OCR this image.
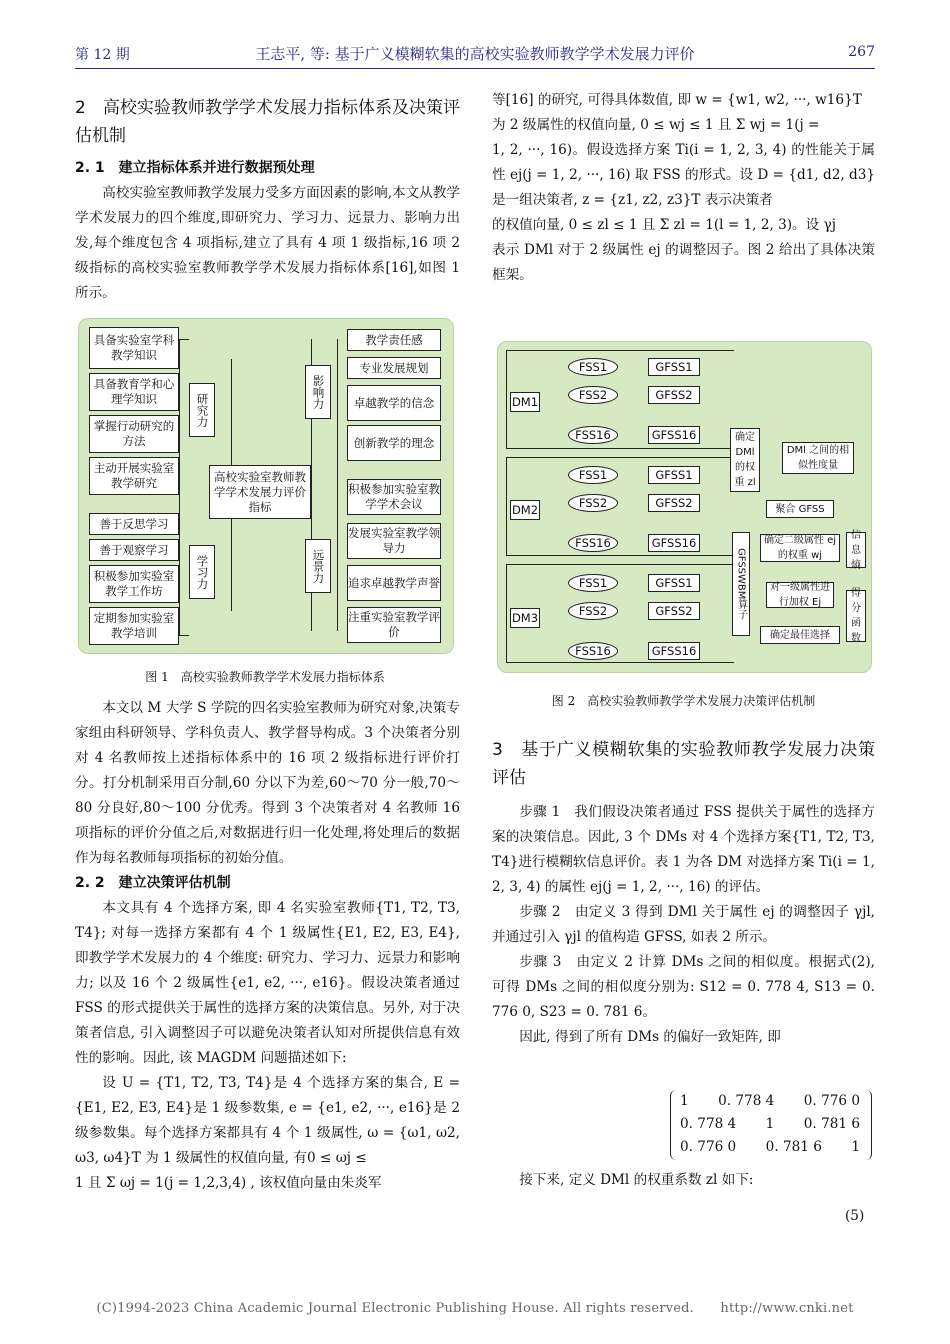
第 12 期	王志平, 等: 基于广义模糊软集的高校实验教师教学学术发展力评价	267

2　高校实验教师教学学术发展力指标体系及决策评估机制

2. 1　建立指标体系并进行数据预处理

高校实验室教师教学发展力受多方面因素的影响,本文从教学学术发展力的四个维度,即研究力、学习力、远景力、影响力出发,每个维度包含 4 项指标,建立了具有 4 项 1 级指标,16 项 2 级指标的高校实验室教师教学学术发展力指标体系[16],如图 1 所示。

具备实验室学科教学知识
具备教育学和心理学知识
掌握行动研究的方法
主动开展实验室教学研究
善于反思学习
善于观察学习
积极参加实验室教学工作坊
定期参加实验室教学培训
研究力
学习力
高校实验室教师教学学术发展力评价指标
影响力
远景力
教学责任感
专业发展规划
卓越教学的信念
创新教学的理念
积极参加实验室教学学术会议
发展实验室教学领导力
追求卓越教学声誉
注重实验室教学评价

图 1　高校实验教师教学学术发展力指标体系

本文以 M 大学 S 学院的四名实验室教师为研究对象,决策专家组由科研领导、学科负责人、教学督导构成。3 个决策者分别对 4 名教师按上述指标体系中的 16 项 2 级指标进行评价打分。打分机制采用百分制,60 分以下为差,60～70 分一般,70～80 分良好,80～100 分优秀。得到 3 个决策者对 4 名教师 16 项指标的评价分值之后,对数据进行归一化处理,将处理后的数据作为每名教师每项指标的初始分值。

2. 2　建立决策评估机制

本文具有 4 个选择方案, 即 4 名实验室教师{T1, T2, T3, T4}; 对每一选择方案都有 4 个 1 级属性{E1, E2, E3, E4}, 即教学学术发展力的 4 个维度: 研究力、学习力、远景力和影响力; 以及 16 个 2 级属性{e1, e2, ···, e16}。假设决策者通过 FSS 的形式提供关于属性的选择方案的决策信息。另外, 对于决策者信息, 引入调整因子可以避免决策者认知对所提供信息有效性的影响。因此, 该 MAGDM 问题描述如下:

设 U = {T1, T2, T3, T4}是 4 个选择方案的集合, E = {E1, E2, E3, E4}是 1 级参数集, e = {e1, e2, ···, e16}是 2 级参数集。每个选择方案都具有 4 个 1 级属性, ω = {ω1, ω2, ω3, ω4}T 为 1 级属性的权值向量, 有0 ≤ ωj ≤

1 且 Σ ωj = 1(j = 1,2,3,4) , 该权值向量由朱炎军

等[16] 的研究, 可得具体数值, 即 w = {w1, w2, ···, w16}T

为 2 级属性的权值向量, 0 ≤ wj ≤ 1 且 Σ wj = 1(j =

1, 2, ···, 16)。假设选择方案 Ti(i = 1, 2, 3, 4) 的性能关于属性 ej(j = 1, 2, ···, 16) 取 FSS 的形式。设 D = {d1, d2, d3}是一组决策者, z = {z1, z2, z3}T 表示决策者

的权值向量, 0 ≤ zl ≤ 1 且 Σ zl = 1(l = 1, 2, 3)。设 γj

表示 DMl 对于 2 级属性 ej 的调整因子。图 2 给出了具体决策框架。

DM1
DM2
DM3
FSS1
FSS2
FSS16
GFSS1
GFSS2
GFSS16
FSS1
FSS2
FSS16
GFSS1
GFSS2
GFSS16
FSS1
FSS2
FSS16
GFSS1
GFSS2
GFSS16
确定 DMl 的权重 zl
DMl 之间的相似性度量
GFSSWBM算子
聚合 GFSS
确定二级属性 ej 的权重 wj
信息熵
对一级属性进行加权 Ej
得分函数
确定最佳选择

图 2　高校实验教师教学学术发展力决策评估机制

3　基于广义模糊软集的实验教师教学发展力决策评估

步骤 1　我们假设决策者通过 FSS 提供关于属性的选择方案的决策信息。因此, 3 个 DMs 对 4 个选择方案{T1, T2, T3, T4}进行模糊软信息评价。表 1 为各 DM 对选择方案 Ti(i = 1, 2, 3, 4) 的属性 ej(j = 1, 2, ···, 16) 的评估。

步骤 2　由定义 3 得到 DMl 关于属性 ej 的调整因子 γjl, 并通过引入 γjl 的值构造 GFSS, 如表 2 所示。

步骤 3　由定义 2 计算 DMs 之间的相似度。根据式(2), 可得 DMs 之间的相似度分别为: S12 = 0. 778 4, S13 = 0. 776 0, S23 = 0. 781 6。

因此, 得到了所有 DMs 的偏好一致矩阵, 即

1 0. 778 4 0. 776 0
0. 778 4 1 0. 781 6
0. 776 0 0. 781 6 1

接下来, 定义 DMl 的权重系数 zl 如下:

(5)
(C)1994-2023 China Academic Journal Electronic Publishing House. All rights reserved.　　http://www.cnki.net
